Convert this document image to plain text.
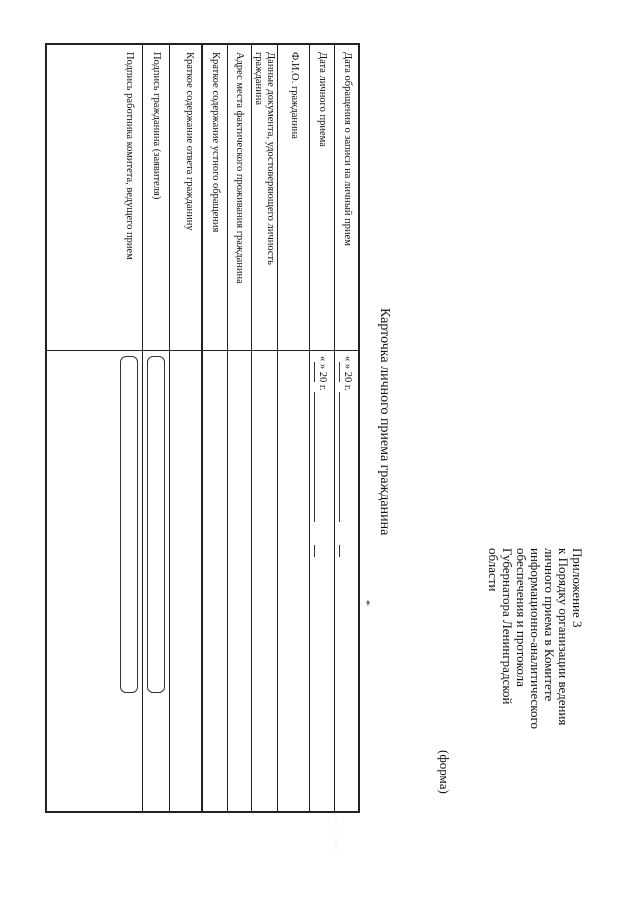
Приложение 3
к Порядку организации ведения
личного приема в Комитете
информационно-аналитического
обеспечения и протокола
Губернатора Ленинградской
области
(форма)
Карточка личного приема гражданина
*
Дата обращения о записи на личный прием
Дата личного приема
Ф.И.О. гражданина
Данные документа, удостоверяющего личность гражданина
Адрес места фактического проживания гражданина
Краткое содержание устного обращения
Краткое содержание ответа гражданину
« » 20 г.
« » 20 г.
Подпись гражданина (заявителя)
Подпись работника комитета, ведущего прием
· · · · ·
